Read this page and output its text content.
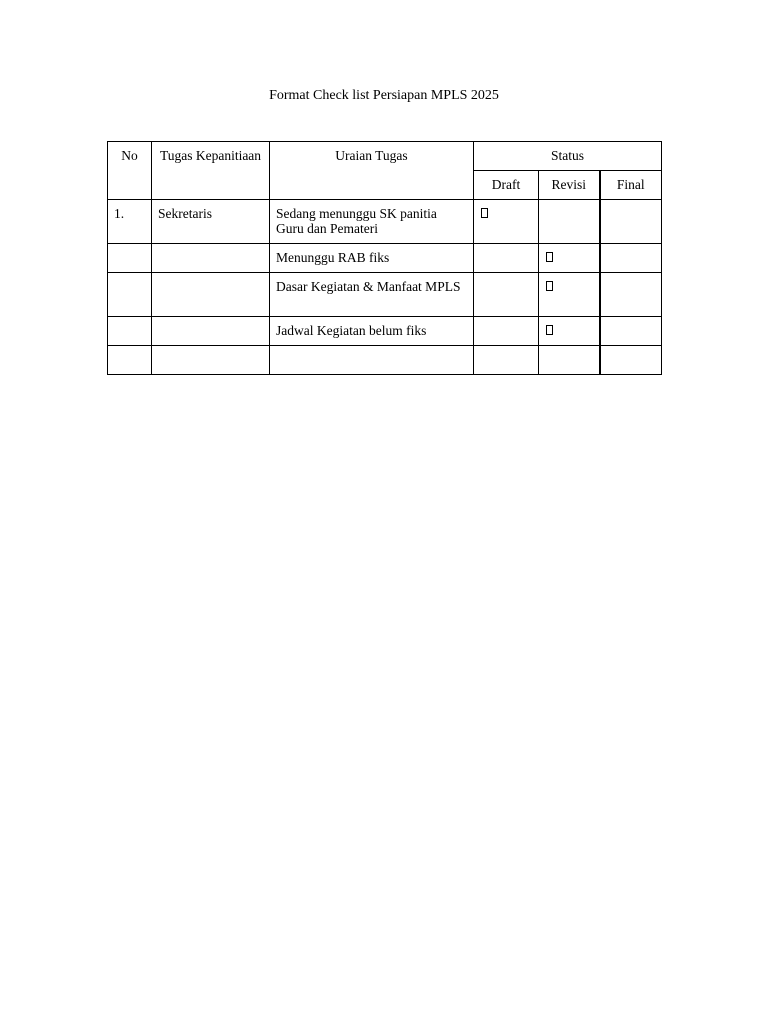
Format Check list Persiapan MPLS 2025
No	Tugas Kepanitiaan	Uraian Tugas	Status		
			Draft	Revisi	Final
1.	Sekretaris	Sedang menunggu SK panitia Guru dan Pemateri			
		Menunggu RAB fiks			
		Dasar Kegiatan & Manfaat MPLS			
		Jadwal Kegiatan belum fiks			
